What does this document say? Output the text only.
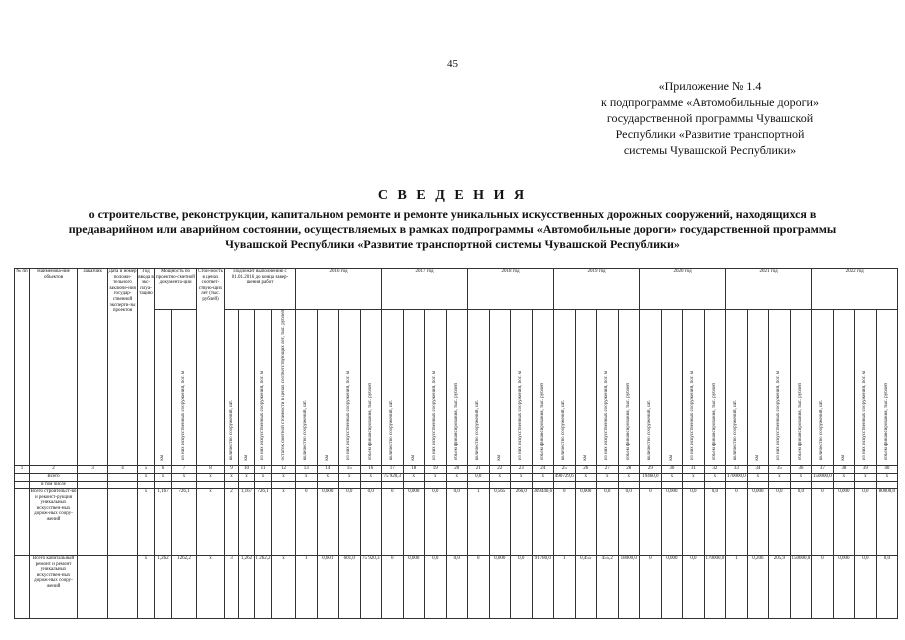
45
«Приложение № 1.4
к подпрограмме «Автомобильные дороги»
государственной программы Чувашской
Республики «Развитие транспортной
системы Чувашской Республики»
С В Е Д Е Н И Я
о строительстве, реконструкции, капитальном ремонте и ремонте уникальных искусственных дорожных сооружений, находящихся в предаварийном или аварийном состоянии, осуществляемых в рамках подпрограммы «Автомобильные дороги» государственной программы Чувашской Республики «Развитие транспортной системы Чувашской Республики»
№ пп	Наименова-ние объектов	Заказчик	Дата и номер положи-тельного заключе-ния государ-ственной эксперти-зы проектов	Год ввода в экс-плуа-тацию	Мощность по проектно-сметной документа-ции		Стои-мость в ценах соответ-ствую-щих лет (тыс. рублей)	Подлежит выполнению с 01.01.2016 до конца завер-шения работ				2016 год				2017 год				2018 год				2019 год				2020 год				2021 год				2022 год				
					км	из них искусственных сооружений, пог. м		количество сооружений, шт.	км	из них искусственных сооружений, пог. м	остаток сметной стоимости в ценах соответствующих лет, тыс. рублей	количество сооружений, шт.	км	из них искусственных сооружений, пог. м	объем финансирования, тыс. рублей	количество сооружений, шт.	км	из них искусственных сооружений, пог. м	объем финансирования, тыс. рублей	количество сооружений, шт.	км	из них искусственных сооружений, пог. м	объем финансирования, тыс. рублей	количество сооружений, шт.	км	из них искусственных сооружений, пог. м	объем финансирования, тыс. рублей	количество сооружений, шт.	км	из них искусственных сооружений, пог. м	объем финансирования, тыс. рублей	количество сооружений, шт.	км	из них искусственных сооружений, пог. м	объем финансирования, тыс. рублей	количество сооружений, шт.	км	из них искусственных сооружений, пог. м	объем финансирования, тыс. рублей	
1	2	3	4	5	6	7	8	9	10	11	12	13	14	15	16	17	18	19	20	21	22	23	24	25	26	27	28	29	30	31	32	33	34	35	36	37	38	39	40	
	Всего			x	x	x	x	x	x	x	x	x	x	x	x	75 920,3	x	x	x	0,0	x	x	x	490729,6	x	x	x	19460,0	x	x	x	170000,0	x	x	x	150000,0	x	x	x	
	в том числе																																							
	Всего строительст-во и реконст-рукция уникальных искусствен-ных дорож-ных соору-жений			x	1,167	726,1	x	2	1,167	726,1	x	0	0,000	0,0	0,0	0	0,000	0,0	0,0	1	0,565	266,0	309440,6	0	0,000	0,0	0,0	0	0,000	0,0	0,0	0	0,000	0,0	0,0	0	0,000	0,0	80000,0	
	Всего капитальный ремонт и ремонт уникальных искусствен-ных дорож-ных соору-жений			x	1,262	1262,2	x	3	1,262	1 262,2	x	1	0,601	601,0	75 920,3	0	0,000	0,0	0,0	0	0,000	0,0	91780,0	1	0,455	455,2	18000,0	0	0,000	0,0	170000,0	1	0,206	205,9	150000,0	0	0,000	0,0	0,0	
